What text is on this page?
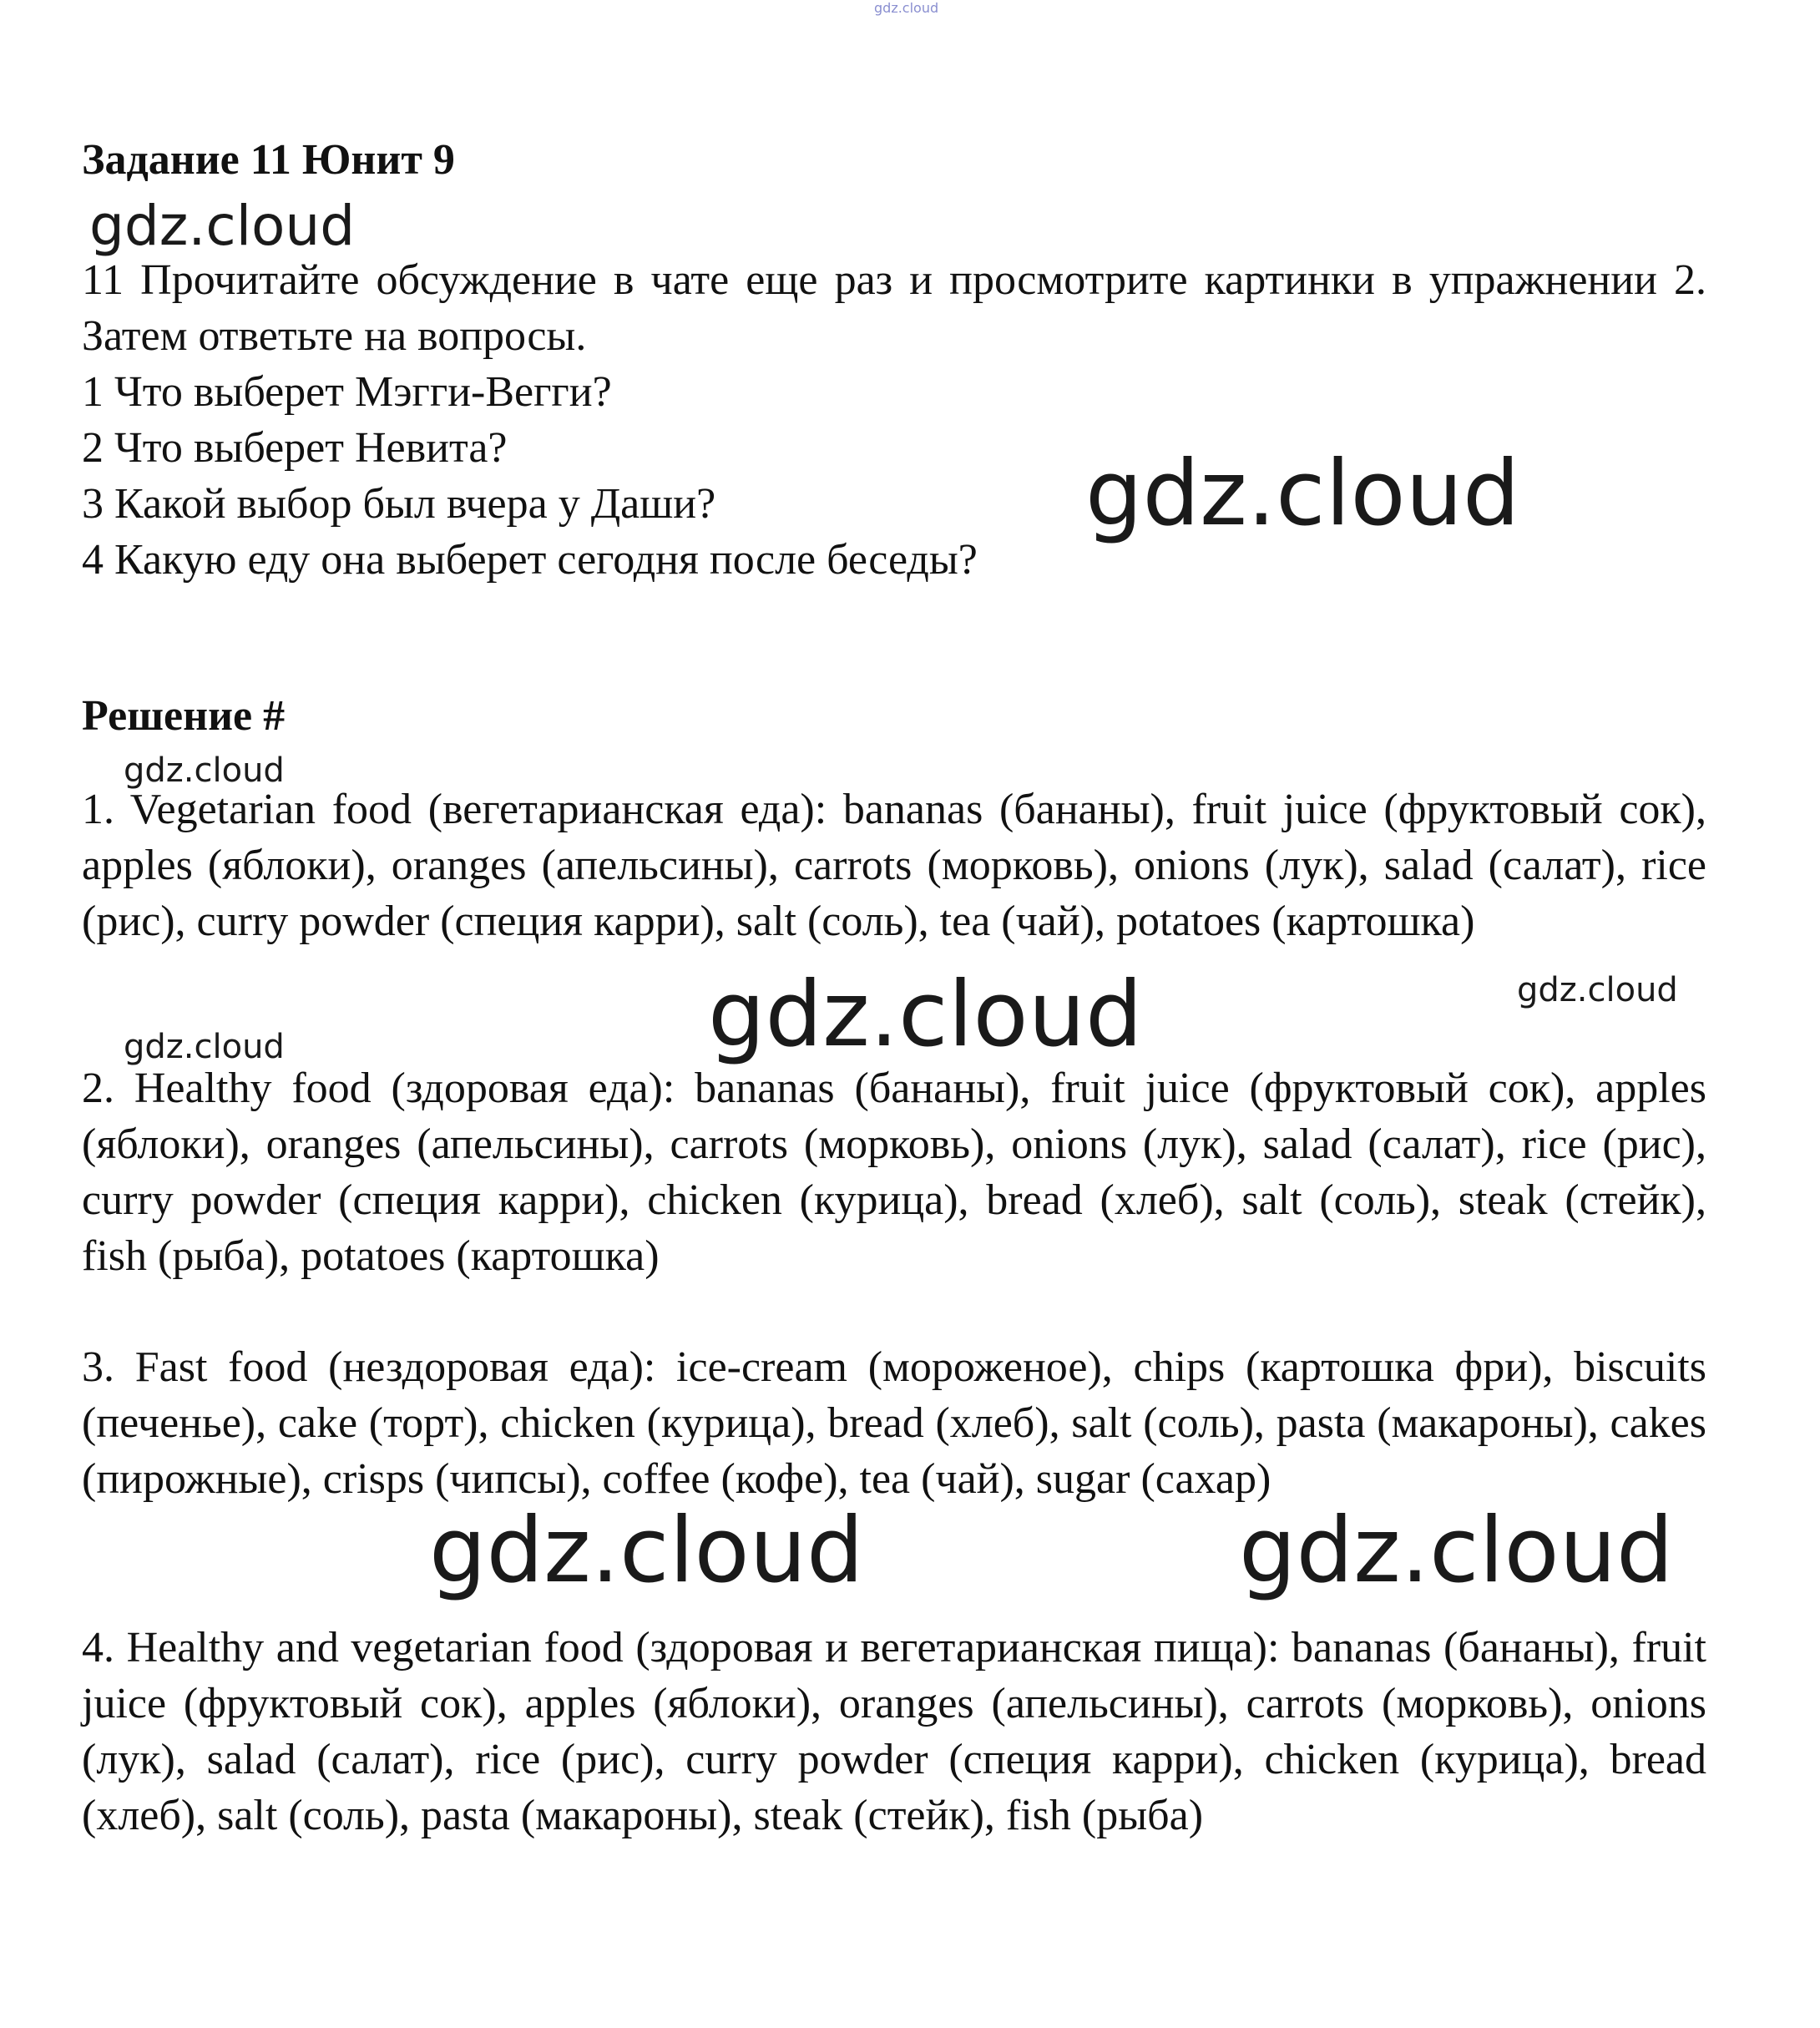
gdz.cloud
Задание 11 Юнит 9
gdz.cloud

11 Прочитайте обсуждение в чате еще раз и просмотрите картинки в упражнении 2. Затем ответьте на вопросы.

1 Что выберет Мэгги-Вегги?
2 Что выберет Невита?
3 Какой выбор был вчера у Даши?
4 Какую еду она выберет сегодня после беседы?
gdz.cloud
Решение #
gdz.cloud

1. Vegetarian food (вегетарианская еда): bananas (бананы), fruit juice (фруктовый сок), apples (яблоки), oranges (апельсины), carrots (морковь), onions (лук), salad (салат), rice (рис), curry powder (специя карри), salt (соль), tea (чай), potatoes (картошка)

gdz.cloud	gdz.cloud
gdz.cloud

2. Healthy food (здоровая еда): bananas (бананы), fruit juice (фруктовый сок), apples (яблоки), oranges (апельсины), carrots (морковь), onions (лук), salad (салат), rice (рис), curry powder (специя карри), chicken (курица), bread (хлеб), salt (соль), steak (стейк), fish (рыба), potatoes (картошка)

3. Fast food (нездоровая еда): ice-cream (мороженое), chips (картошка фри), biscuits (печенье), cake (торт), chicken (курица), bread (хлеб), salt (соль), pasta (макароны), cakes (пирожные), crisps (чипсы), coffee (кофе), tea (чай), sugar (сахар)

gdz.cloud	gdz.cloud

4. Healthy and vegetarian food (здоровая и вегетарианская пища): bananas (бананы), fruit juice (фруктовый сок), apples (яблоки), oranges (апельсины), carrots (морковь), onions (лук), salad (салат), rice (рис), curry powder (специя карри), chicken (курица), bread (хлеб), salt (соль), pasta (макароны), steak (стейк), fish (рыба)
